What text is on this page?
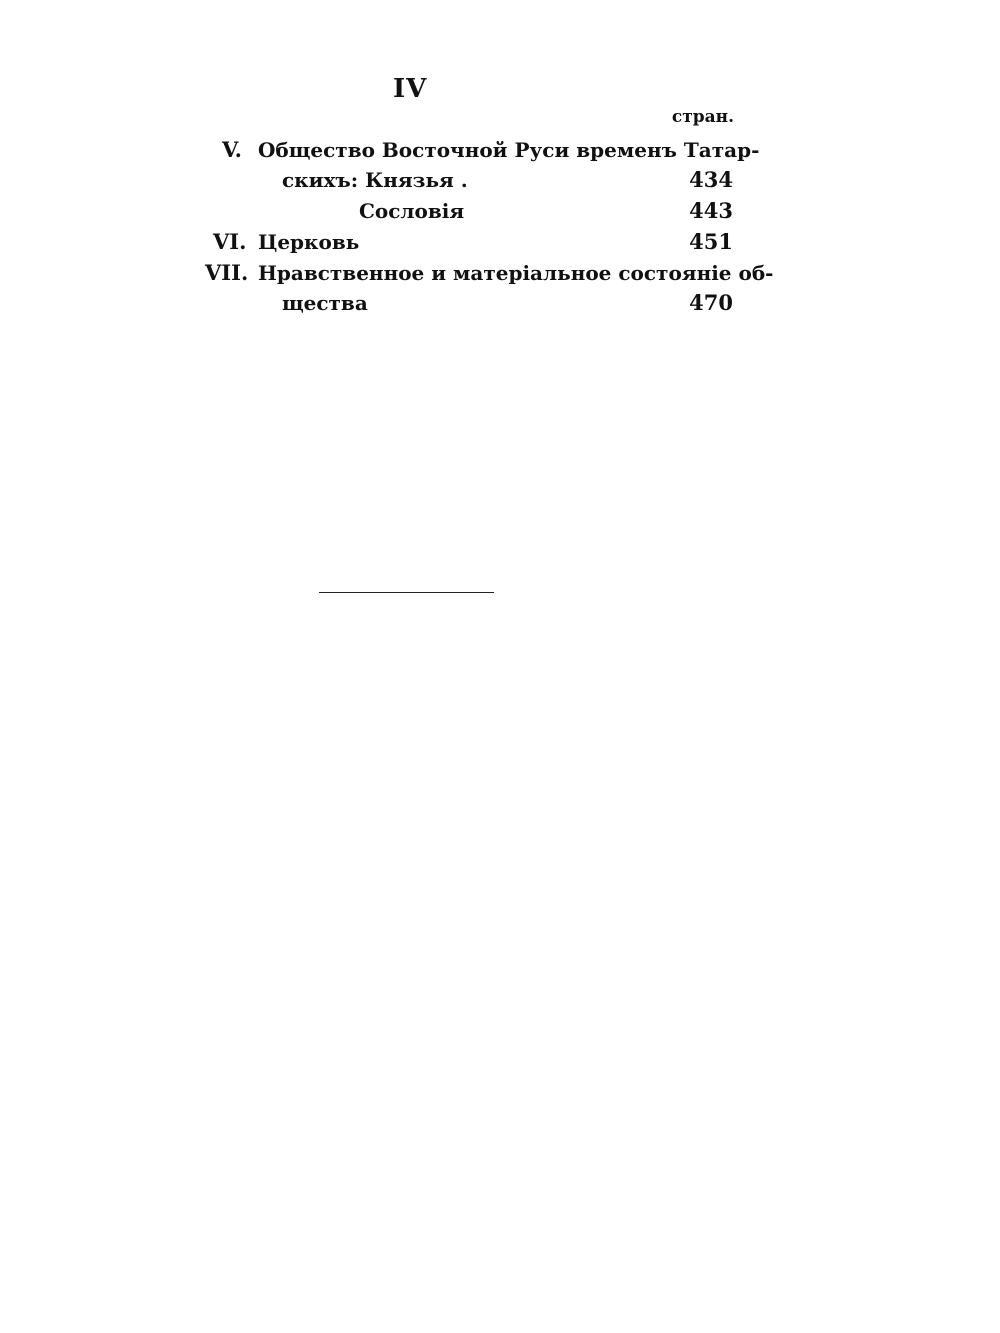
IV
стран.
V. Общество Восточной Руси временъ Татар-
скихъ: Князья .	434
Сословія	443
VI. Церковь	451
VII. Нравственное и матеріальное состояніе об-
щества	470
